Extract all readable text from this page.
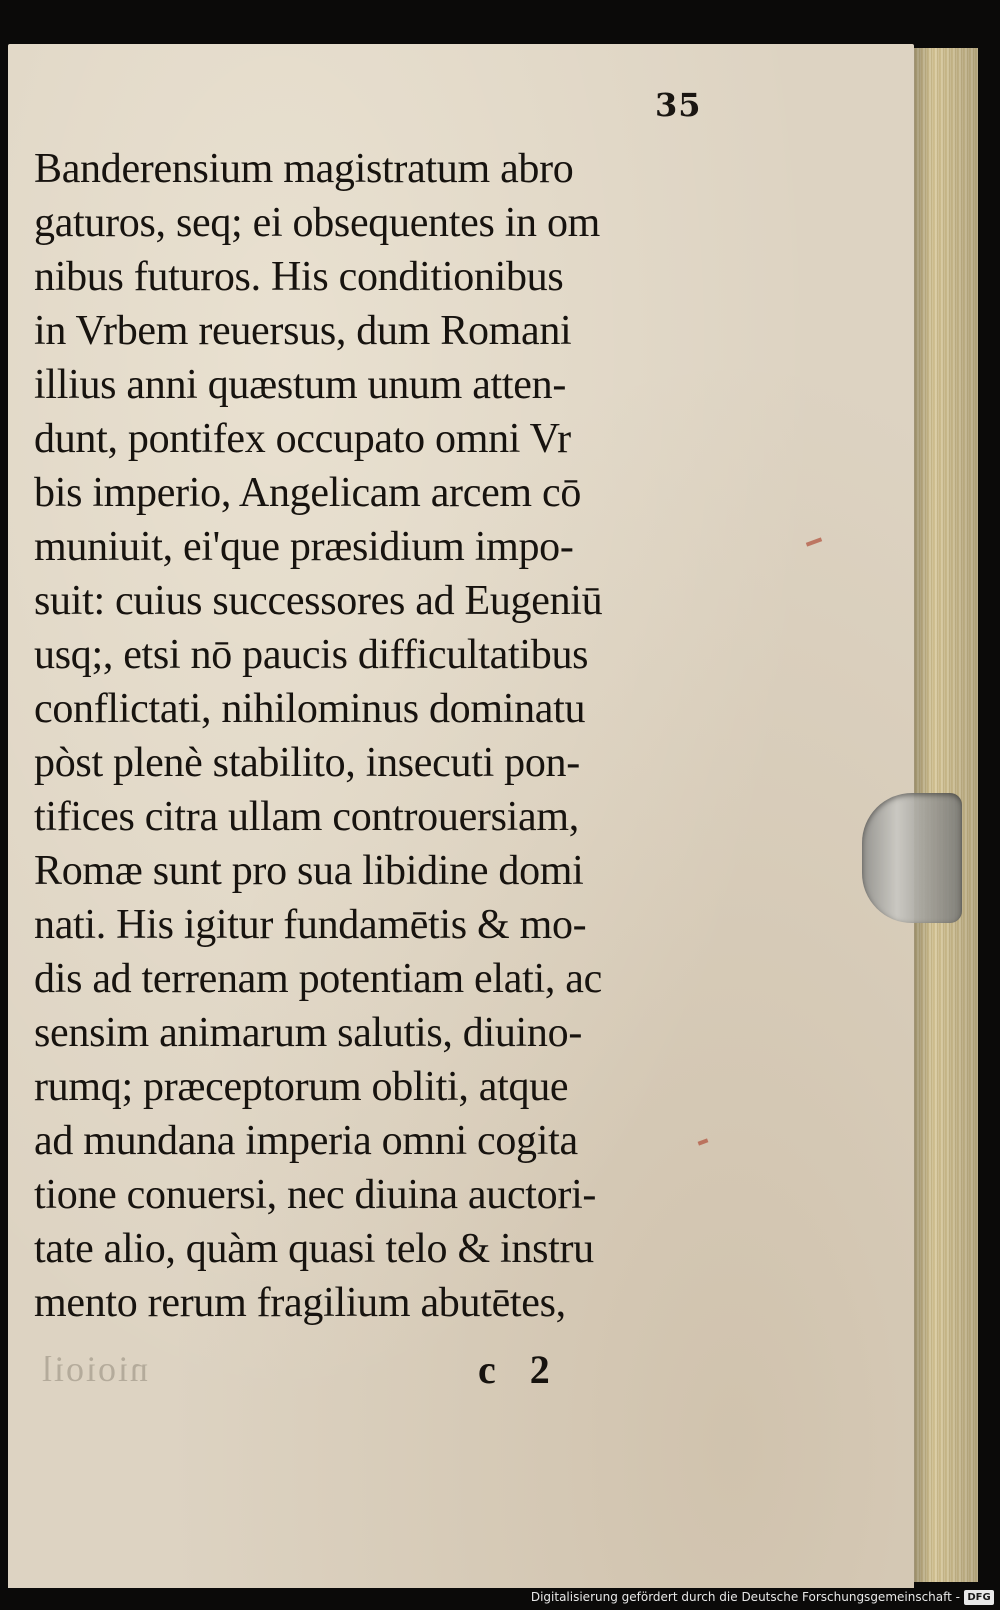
35
Banderensium magistratum abro
gaturos, seq; ei obsequentes in om
nibus futuros. His conditionibus
in Vrbem reuersus, dum Romani
illius anni quæstum unum atten-
dunt, pontifex occupato omni Vr
bis imperio, Angelicam arcem cō
muniuit, ei'que præsidium impo-
suit: cuius successores ad Eugeniū
usq;, etsi nō paucis difficultatibus
conflictati, nihilominus dominatu
pòst plenè stabilito, insecuti pon-
tifices citra ullam controuersiam,
Romæ sunt pro sua libidine domi
nati. His igitur fundamētis & mo-
dis ad terrenam potentiam elati, ac
sensim animarum salutis, diuino-
rumq; præceptorum obliti, atque
ad mundana imperia omni cogita
tione conuersi, nec diuina auctori-
tate alio, quàm quasi telo & instru
mento rerum fragilium abutētes,
nioioil	c 2
Digitalisierung gefördert durch die Deutsche Forschungsgemeinschaft - DFG
